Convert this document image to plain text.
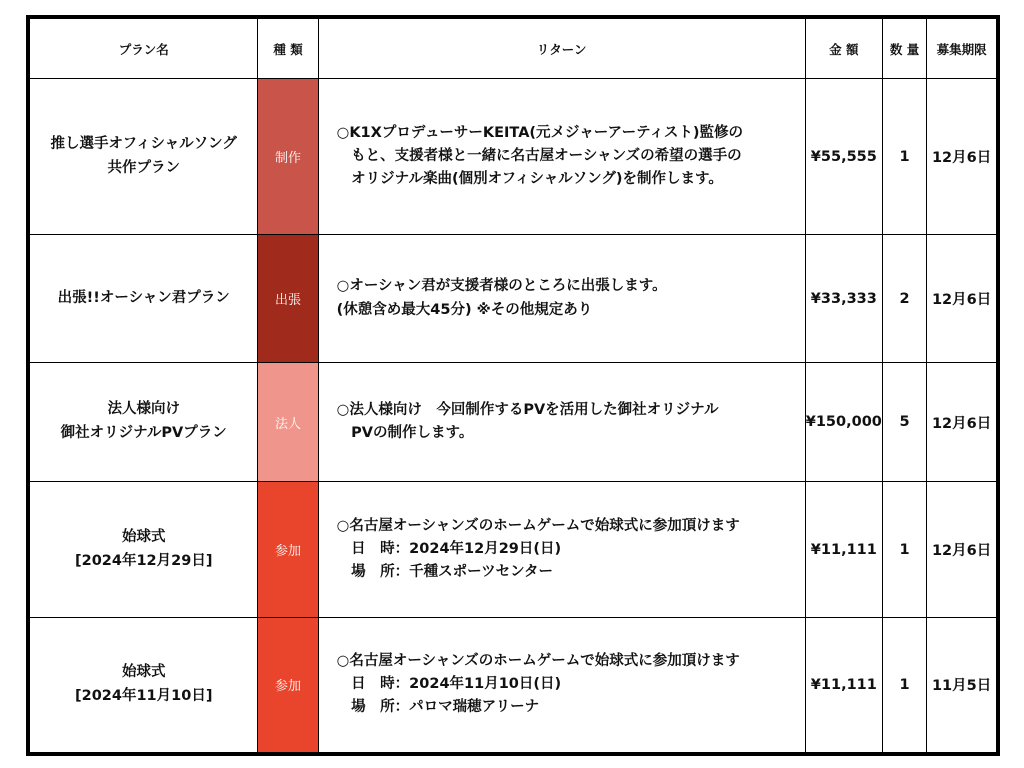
プラン名	種 類	リターン	金 額	数 量	募集期限

推し選手オフィシャルソング
共作プラン	制作	○K1XプロデューサーKEITA(元メジャーアーティスト)監修の
　もと、支援者様と一緒に名古屋オーシャンズの希望の選手の
　オリジナル楽曲(個別オフィシャルソング)を制作します。	¥55,555	1	12月6日

出張!!オーシャン君プラン	出張	○オーシャン君が支援者様のところに出張します。
(休憩含め最大45分) ※その他規定あり	¥33,333	2	12月6日

法人様向け
御社オリジナルPVプラン	法人	○法人様向け　今回制作するPVを活用した御社オリジナル
　PVの制作します。	¥150,000	5	12月6日

始球式
[2024年12月29日]	参加	○名古屋オーシャンズのホームゲームで始球式に参加頂けます
　日　時：2024年12月29日(日)
　場　所：千種スポーツセンター	¥11,111	1	12月6日

始球式
[2024年11月10日]	参加	○名古屋オーシャンズのホームゲームで始球式に参加頂けます
　日　時：2024年11月10日(日)
　場　所：パロマ瑞穂アリーナ	¥11,111	1	11月5日
